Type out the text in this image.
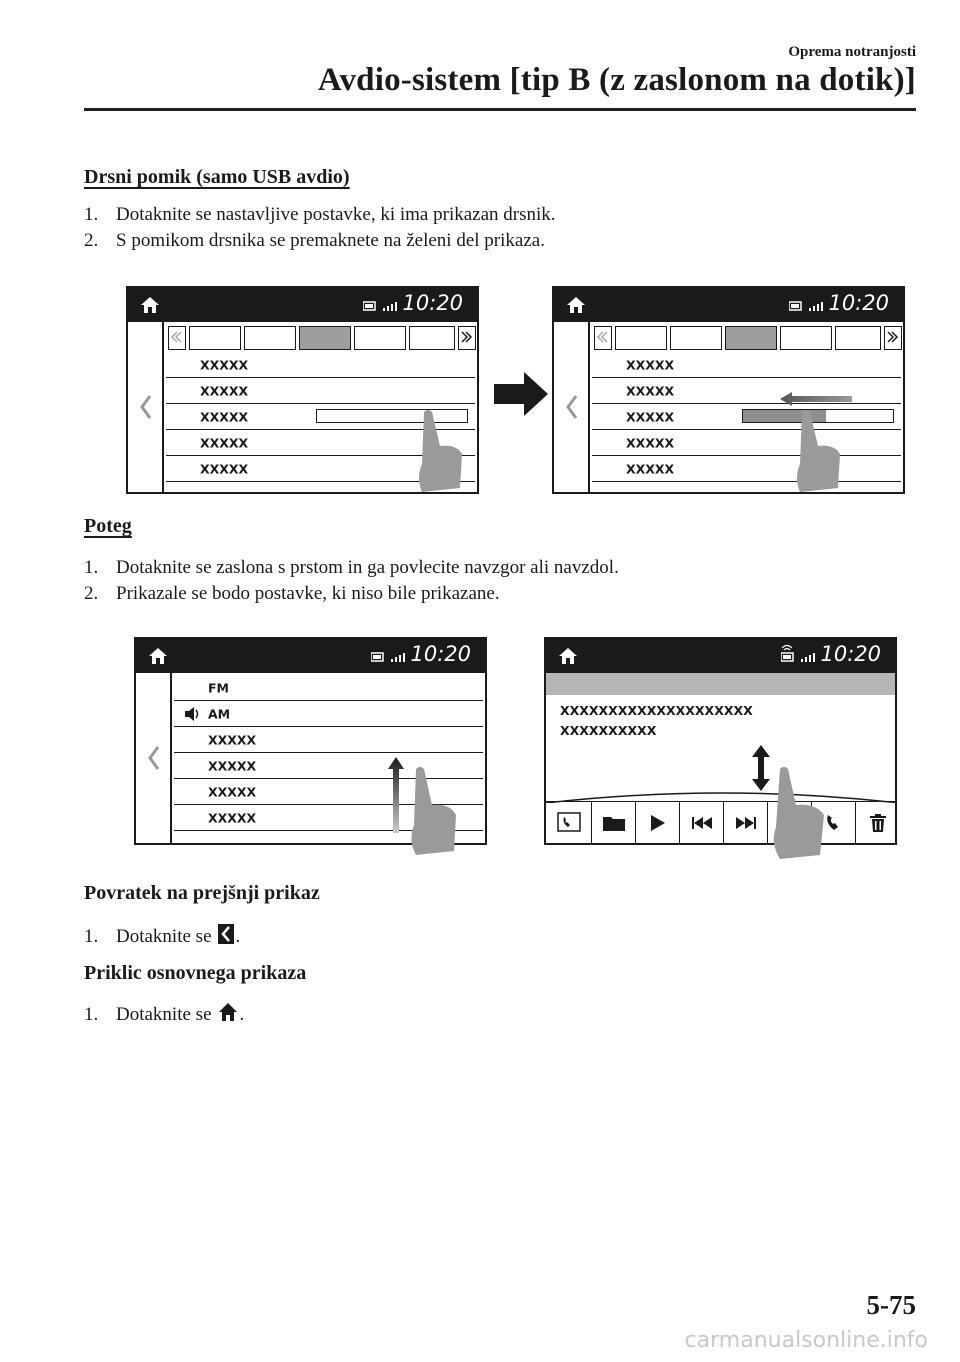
Oprema notranjosti
Avdio-sistem [tip B (z zaslonom na dotik)]
Drsni pomik (samo USB avdio)
1. Dotaknite se nastavljive postavke, ki ima prikazan drsnik.
2. S pomikom drsnika se premaknete na želeni del prikaza.
10:20
XXXXX
XXXXX
XXXXX
XXXXX
XXXXX
10:20
XXXXX
XXXXX
XXXXX
XXXXX
XXXXX
Poteg
1. Dotaknite se zaslona s prstom in ga povlecite navzgor ali navzdol.
2. Prikazale se bodo postavke, ki niso bile prikazane.
10:20
FM
AM
XXXXX
XXXXX
XXXXX
XXXXX
10:20
XXXXXXXXXXXXXXXXXXXX
XXXXXXXXXX
Povratek na prejšnji prikaz
1. Dotaknite se .
Priklic osnovnega prikaza
1. Dotaknite se .
5-75
carmanualsonline.info
